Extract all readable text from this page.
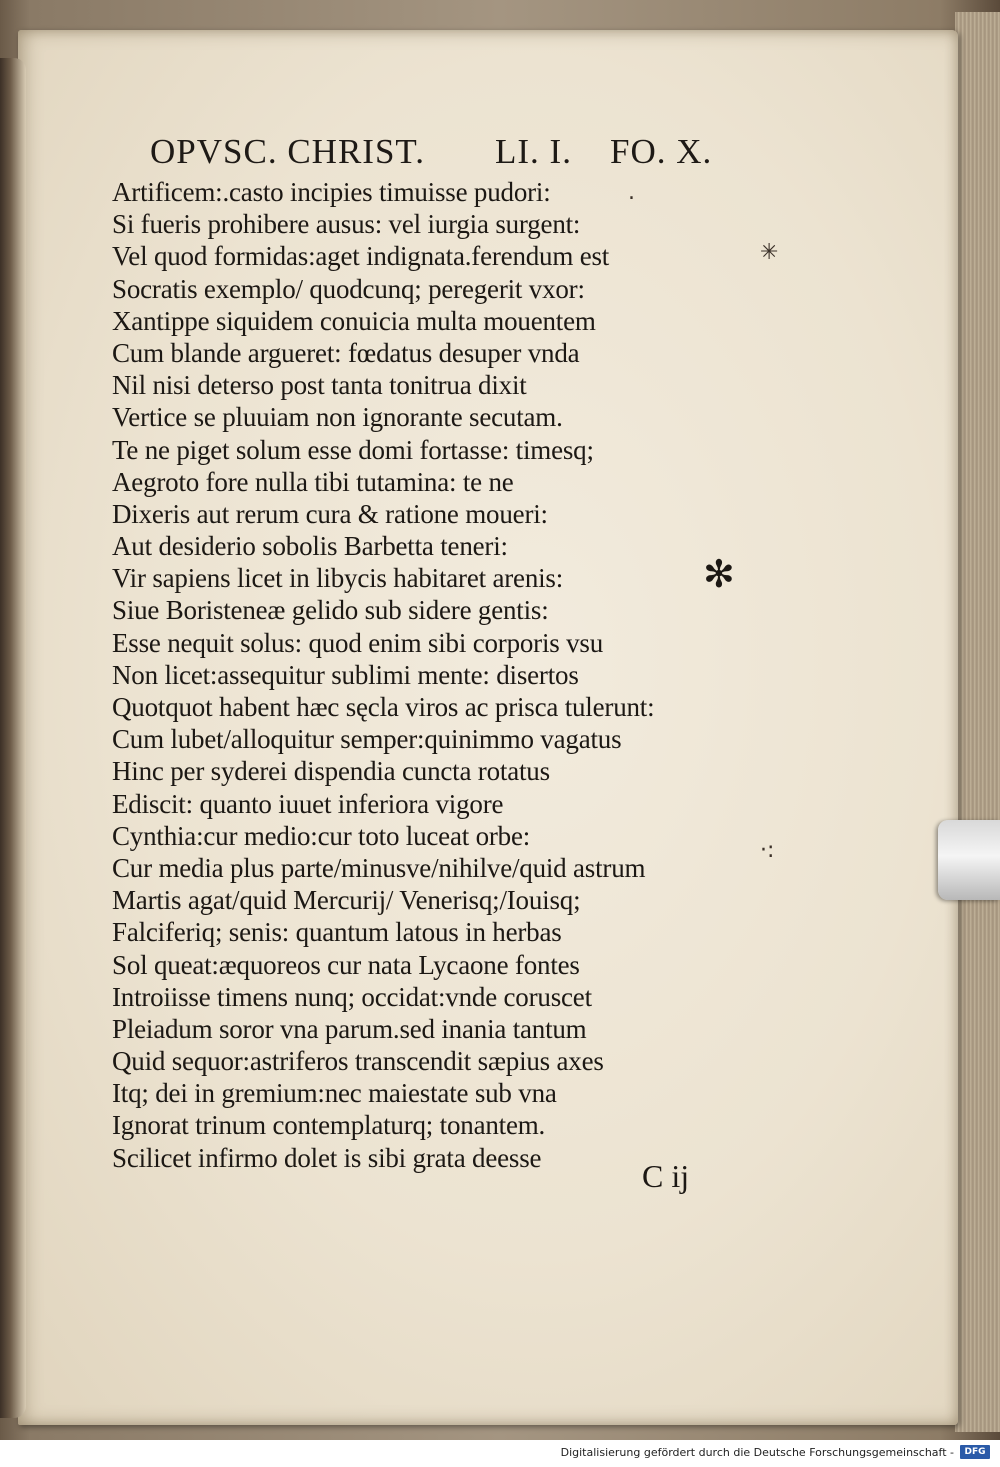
OPVSC. CHRIST. LI. I. FO. X.
Artificem:.casto incipies timuisse pudori:
Si fueris prohibere ausus: vel iurgia surgent:
Vel quod formidas:aget indignata.ferendum est
Socratis exemplo/ quodcunq; peregerit vxor:
Xantippe siquidem conuicia multa mouentem
Cum blande argueret: fœdatus desuper vnda
Nil nisi deterso post tanta tonitrua dixit
Vertice se pluuiam non ignorante secutam.
Te ne piget solum esse domi fortasse: timesq;
Aegroto fore nulla tibi tutamina: te ne
Dixeris aut rerum cura & ratione moueri:
Aut desiderio sobolis Barbetta teneri:
Vir sapiens licet in libycis habitaret arenis:
Siue Boristeneæ gelido sub sidere gentis:
Esse nequit solus: quod enim sibi corporis vsu
Non licet:assequitur sublimi mente: disertos
Quotquot habent hæc sęcla viros ac prisca tulerunt:
Cum lubet/alloquitur semper:quinimmo vagatus
Hinc per syderei dispendia cuncta rotatus
Ediscit: quanto iuuet inferiora vigore
Cynthia:cur medio:cur toto luceat orbe:
Cur media plus parte/minusve/nihilve/quid astrum
Martis agat/quid Mercurij/ Venerisq;/Iouisq;
Falciferiq; senis: quantum latous in herbas
Sol queat:æquoreos cur nata Lycaone fontes
Introiisse timens nunq; occidat:vnde coruscet
Pleiadum soror vna parum.sed inania tantum
Quid sequor:astriferos transcendit sæpius axes
Itq; dei in gremium:nec maiestate sub vna
Ignorat trinum contemplaturq; tonantem.
Scilicet infirmo dolet is sibi grata deesse
✻
.
✳
·:
C ij
Digitalisierung gefördert durch die Deutsche Forschungsgemeinschaft -	DFG
